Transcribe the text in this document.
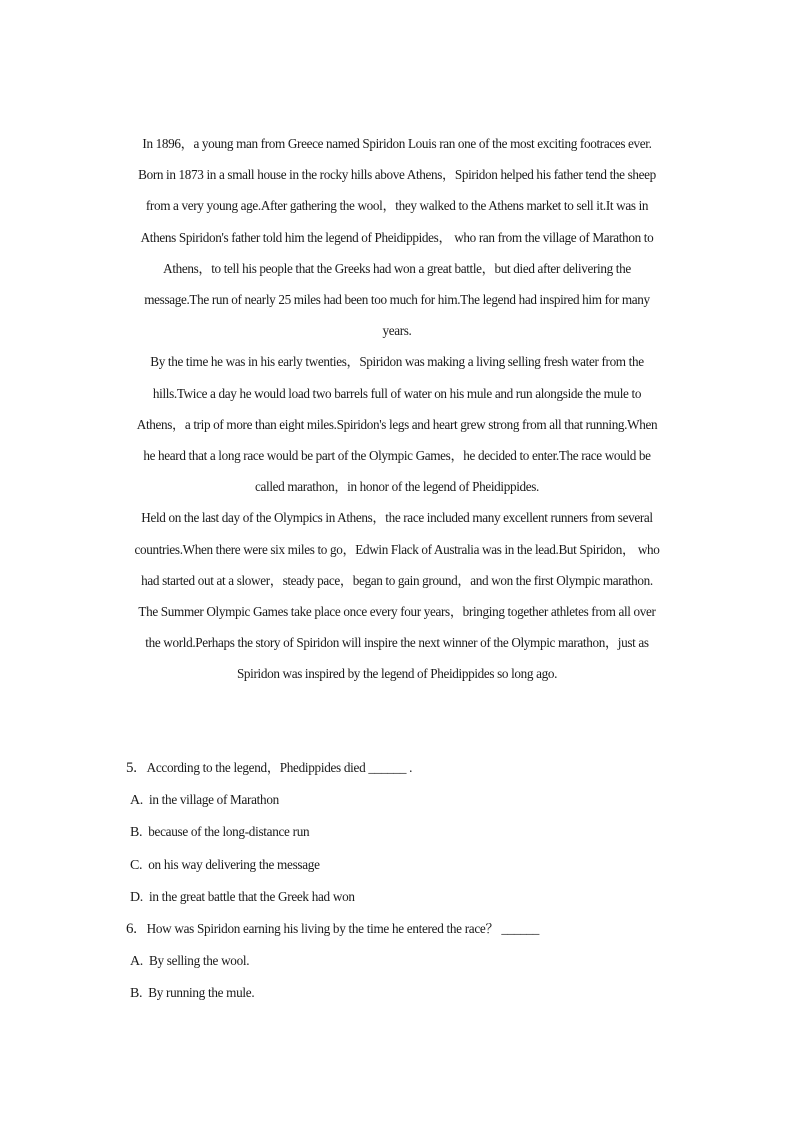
In 1896，a young man from Greece named Spiridon Louis ran one of the most exciting footraces ever.

Born in 1873 in a small house in the rocky hills above Athens，Spiridon helped his father tend the sheep

from a very young age.After gathering the wool，they walked to the Athens market to sell it.It was in

Athens Spiridon's father told him the legend of Pheidippides， who ran from the village of Marathon to

Athens，to tell his people that the Greeks had won a great battle，but died after delivering the

message.The run of nearly 25 miles had been too much for him.The legend had inspired him for many

years.

By the time he was in his early twenties，Spiridon was making a living selling fresh water from the

hills.Twice a day he would load two barrels full of water on his mule and run alongside the mule to

Athens，a trip of more than eight miles.Spiridon's legs and heart grew strong from all that running.When

he heard that a long race would be part of the Olympic Games，he decided to enter.The race would be

called marathon，in honor of the legend of Pheidippides.

Held on the last day of the Olympics in Athens，the race included many excellent runners from several

countries.When there were six miles to go，Edwin Flack of Australia was in the lead.But Spiridon， who

had started out at a slower，steady pace，began to gain ground，and won the first Olympic marathon.

The Summer Olympic Games take place once every four years，bringing together athletes from all over

the world.Perhaps the story of Spiridon will inspire the next winner of the Olympic marathon，just as

Spiridon was inspired by the legend of Pheidippides so long ago.

5. According to the legend，Phedippides died ______ .
A. in the village of Marathon
B. because of the long-distance run
C. on his way delivering the message
D. in the great battle that the Greek had won
6. How was Spiridon earning his living by the time he entered the race？ ______
A. By selling the wool.
B. By running the mule.
